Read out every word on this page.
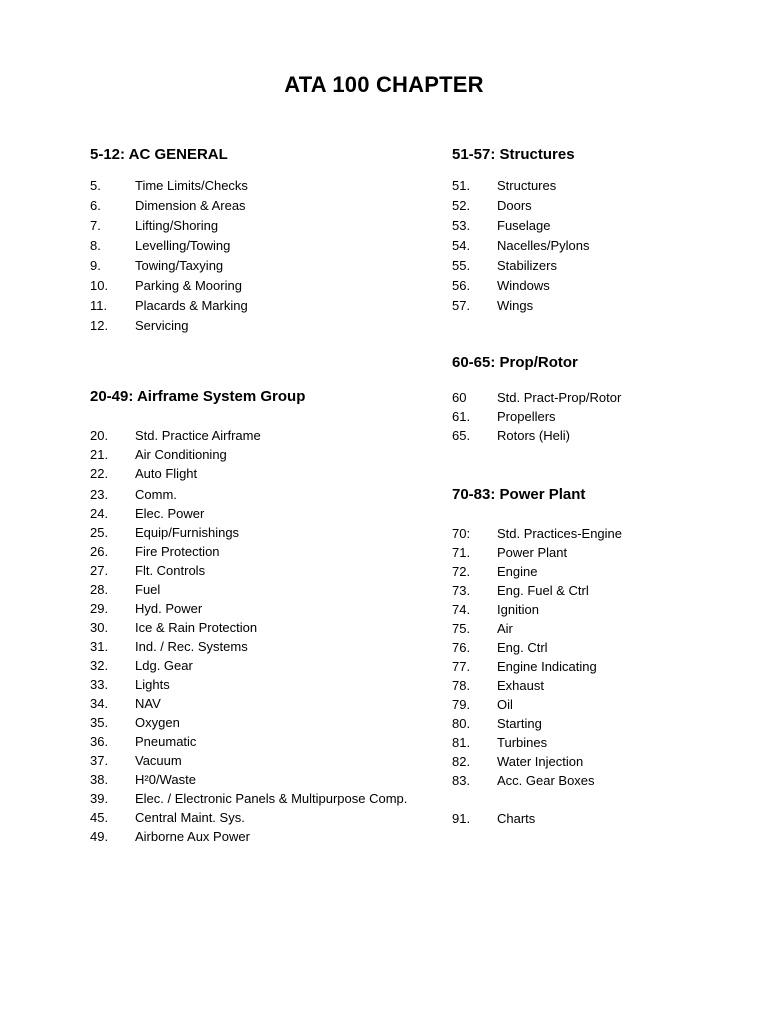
ATA 100 CHAPTER
5-12: AC GENERAL
5.	Time Limits/Checks
6.	Dimension & Areas
7.	Lifting/Shoring
8.	Levelling/Towing
9.	Towing/Taxying
10. Parking & Mooring
11. Placards & Marking
12. Servicing
20-49: Airframe System Group
20. Std. Practice Airframe
21. Air Conditioning
22. Auto Flight
23. Comm.
24. Elec. Power
25. Equip/Furnishings
26. Fire Protection
27. Flt. Controls
28. Fuel
29. Hyd. Power
30. Ice & Rain Protection
31. Ind. / Rec. Systems
32. Ldg. Gear
33. Lights
34. NAV
35. Oxygen
36. Pneumatic
37. Vacuum
38. H²0/Waste
39. Elec. / Electronic Panels & Multipurpose Comp.
45. Central Maint. Sys.
49. Airborne Aux Power
51-57: Structures
51. Structures
52. Doors
53. Fuselage
54. Nacelles/Pylons
55. Stabilizers
56. Windows
57. Wings
60-65: Prop/Rotor
60 Std. Pract-Prop/Rotor
61. Propellers
65. Rotors (Heli)
70-83: Power Plant
70: Std. Practices-Engine
71. Power Plant
72. Engine
73. Eng. Fuel & Ctrl
74. Ignition
75. Air
76. Eng. Ctrl
77. Engine Indicating
78. Exhaust
79. Oil
80. Starting
81. Turbines
82. Water Injection
83. Acc. Gear Boxes
91. Charts
